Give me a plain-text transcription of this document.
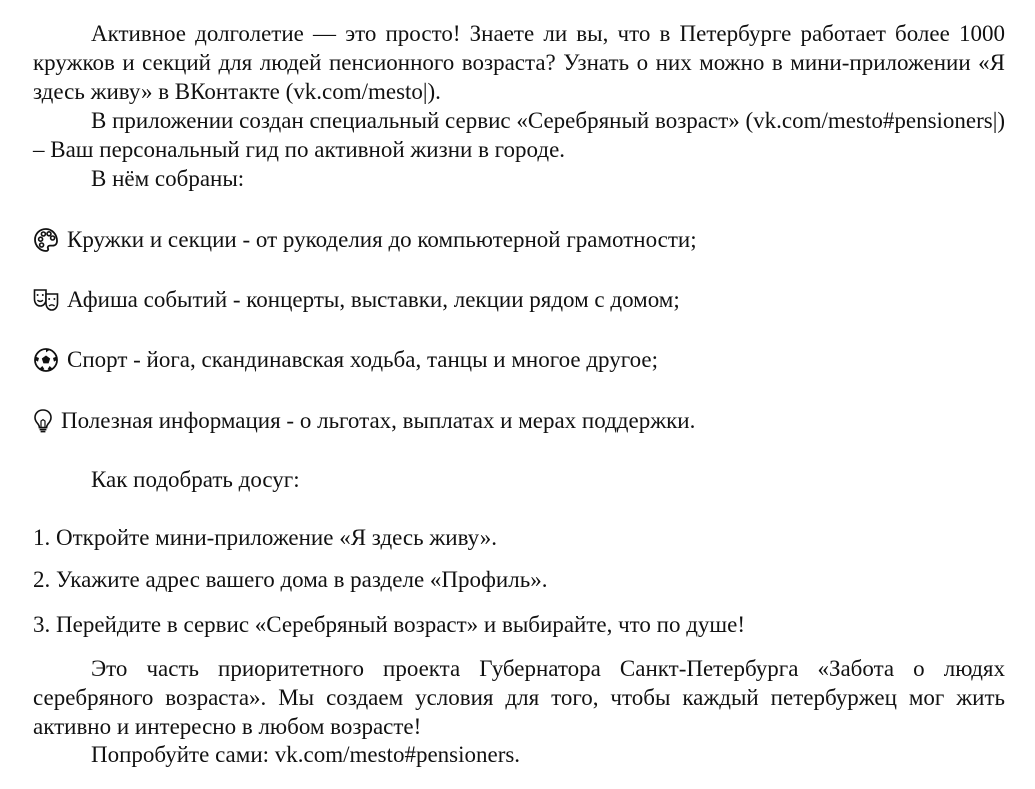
Активное долголетие — это просто! Знаете ли вы, что в Петербурге работает более 1000 кружков и секций для людей пенсионного возраста? Узнать о них можно в мини-приложении «Я здесь живу» в ВКонтакте (vk.com/mesto|).

В приложении создан специальный сервис «Серебряный возраст» (vk.com/mesto#pensioners|) – Ваш персональный гид по активной жизни в городе.

В нём собраны:

Кружки и секции - от рукоделия до компьютерной грамотности;
Афиша событий - концерты, выставки, лекции рядом с домом;
Спорт - йога, скандинавская ходьба, танцы и многое другое;
Полезная информация - о льготах, выплатах и мерах поддержки.

Как подобрать досуг:

1. Откройте мини-приложение «Я здесь живу».

2. Укажите адрес вашего дома в разделе «Профиль».

3. Перейдите в сервис «Серебряный возраст» и выбирайте, что по душе!

Это часть приоритетного проекта Губернатора Санкт-Петербурга «Забота о людях серебряного возраста». Мы создаем условия для того, чтобы каждый петербуржец мог жить активно и интересно в любом возрасте!

Попробуйте сами: vk.com/mesto#pensioners.
